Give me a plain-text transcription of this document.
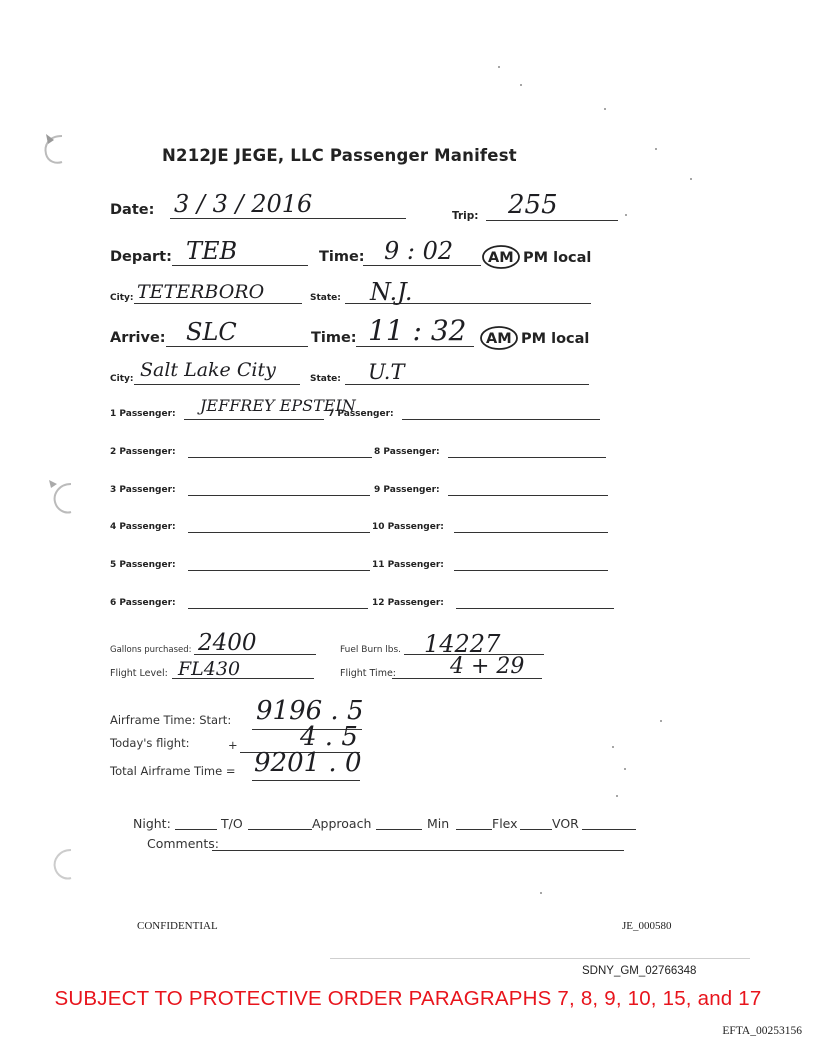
N212JE JEGE, LLC Passenger Manifest
Date: 3 / 3 / 2016	Trip: 255
Depart: TEB	Time: 9 : 02 AM PM local
City: TETERBORO	State: N.J.
Arrive: SLC	Time: 11 : 32 AM PM local
City: Salt Lake City	State: U.T
1 Passenger: JEFFREY EPSTEIN
2 Passenger:
3 Passenger:
4 Passenger:
5 Passenger:
6 Passenger:
7 Passenger:
8 Passenger:
9 Passenger:
10 Passenger:
11 Passenger:
12 Passenger:
Gallons purchased: 2400	Fuel Burn lbs. 14227
Flight Level: FL430	Flight Time: 4 + 29
Airframe Time: Start: 9196 . 5
Today's flight:	+ 4 . 5
Total Airframe Time = 9201 . 0
Night:	T/O	Approach	Min	Flex	VOR
Comments:
CONFIDENTIAL	JE_000580
SDNY_GM_02766348
SUBJECT TO PROTECTIVE ORDER PARAGRAPHS 7, 8, 9, 10, 15, and 17
EFTA_00253156
